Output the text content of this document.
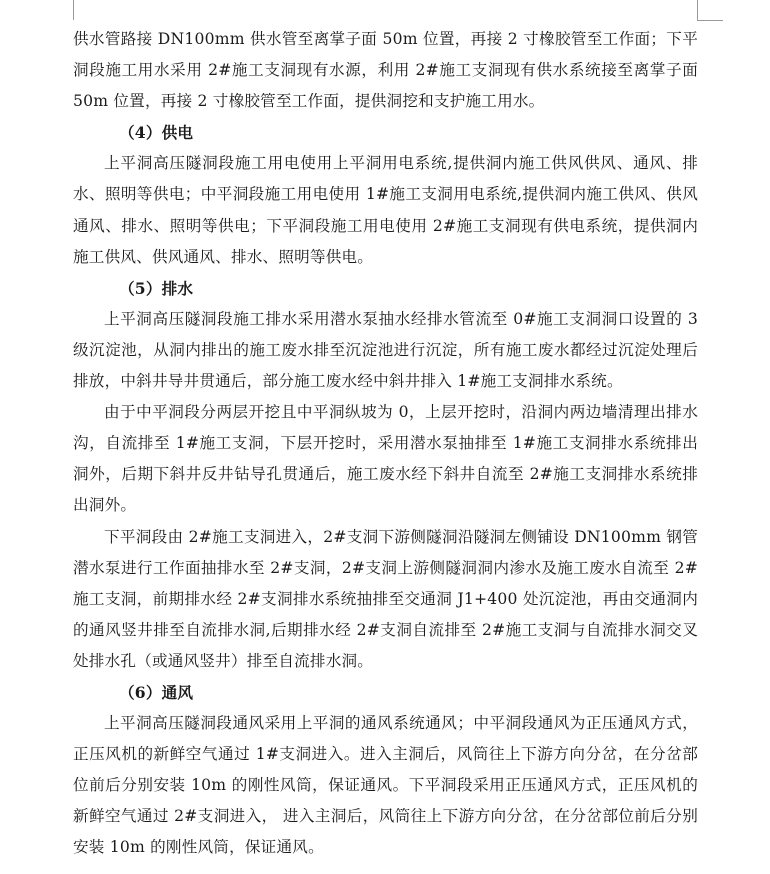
供水管路接 DN100mm 供水管至离掌子面 50m 位置，再接 2 寸橡胶管至工作面；下平洞段施工用水采用 2#施工支洞现有水源，利用 2#施工支洞现有供水系统接至离掌子面 50m 位置，再接 2 寸橡胶管至工作面，提供洞挖和支护施工用水。

（4）供电

上平洞高压隧洞段施工用电使用上平洞用电系统,提供洞内施工供风供风、通风、排水、照明等供电；中平洞段施工用电使用 1#施工支洞用电系统,提供洞内施工供风、供风通风、排水、照明等供电；下平洞段施工用电使用 2#施工支洞现有供电系统，提供洞内施工供风、供风通风、排水、照明等供电。

（5）排水

上平洞高压隧洞段施工排水采用潜水泵抽水经排水管流至 0#施工支洞洞口设置的 3 级沉淀池，从洞内排出的施工废水排至沉淀池进行沉淀，所有施工废水都经过沉淀处理后排放，中斜井导井贯通后，部分施工废水经中斜井排入 1#施工支洞排水系统。

由于中平洞段分两层开挖且中平洞纵坡为 0，上层开挖时，沿洞内两边墙清理出排水沟，自流排至 1#施工支洞，下层开挖时，采用潜水泵抽排至 1#施工支洞排水系统排出洞外，后期下斜井反井钻导孔贯通后，施工废水经下斜井自流至 2#施工支洞排水系统排出洞外。

下平洞段由 2#施工支洞进入，2#支洞下游侧隧洞沿隧洞左侧铺设 DN100mm 钢管潜水泵进行工作面抽排水至 2#支洞，2#支洞上游侧隧洞洞内渗水及施工废水自流至 2#施工支洞，前期排水经 2#支洞排水系统抽排至交通洞 J1+400 处沉淀池，再由交通洞内的通风竖井排至自流排水洞,后期排水经 2#支洞自流排至 2#施工支洞与自流排水洞交叉处排水孔（或通风竖井）排至自流排水洞。

（6）通风

上平洞高压隧洞段通风采用上平洞的通风系统通风；中平洞段通风为正压通风方式，正压风机的新鲜空气通过 1#支洞进入。进入主洞后，风筒往上下游方向分岔，在分岔部位前后分别安装 10m 的刚性风筒，保证通风。下平洞段采用正压通风方式，正压风机的新鲜空气通过 2#支洞进入， 进入主洞后，风筒往上下游方向分岔，在分岔部位前后分别安装 10m 的刚性风筒，保证通风。
